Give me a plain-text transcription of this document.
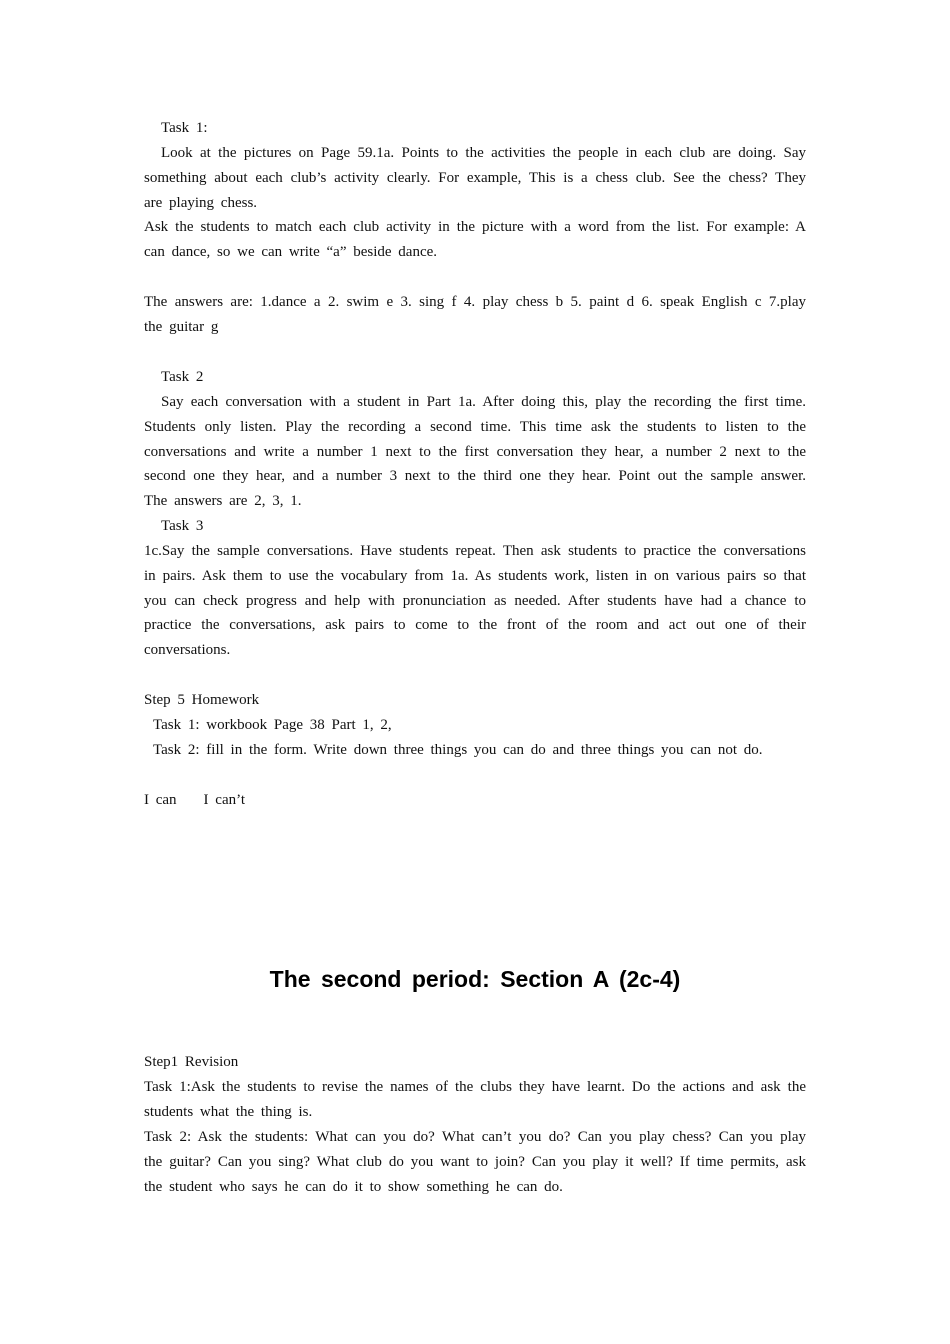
Task 1:

Look at the pictures on Page 59.1a. Points to the activities the people in each club are doing. Say something about each club’s activity clearly. For example, This is a chess club. See the chess? They are playing chess.

Ask the students to match each club activity in the picture with a word from the list. For example: A can dance, so we can write “a” beside dance.

The answers are: 1.dance a 2. swim e 3. sing f 4. play chess b 5. paint d 6. speak English c 7.play the guitar g

Task 2

Say each conversation with a student in Part 1a. After doing this, play the recording the first time. Students only listen. Play the recording a second time. This time ask the students to listen to the conversations and write a number 1 next to the first conversation they hear, a number 2 next to the second one they hear, and a number 3 next to the third one they hear. Point out the sample answer. The answers are 2, 3, 1.

Task 3

1c.Say the sample conversations. Have students repeat. Then ask students to practice the conversations in pairs. Ask them to use the vocabulary from 1a. As students work, listen in on various pairs so that you can check progress and help with pronunciation as needed. After students have had a chance to practice the conversations, ask pairs to come to the front of the room and act out one of their conversations.

Step 5 Homework

Task 1: workbook Page 38 Part 1, 2,

Task 2: fill in the form. Write down three things you can do and three things you can not do.

I can    I can’t

The second period: Section A (2c-4)

Step1 Revision

Task 1:Ask the students to revise the names of the clubs they have learnt. Do the actions and ask the students what the thing is.

Task 2: Ask the students: What can you do? What can’t you do? Can you play chess? Can you play the guitar? Can you sing? What club do you want to join? Can you play it well? If time permits, ask the student who says he can do it to show something he can do.
